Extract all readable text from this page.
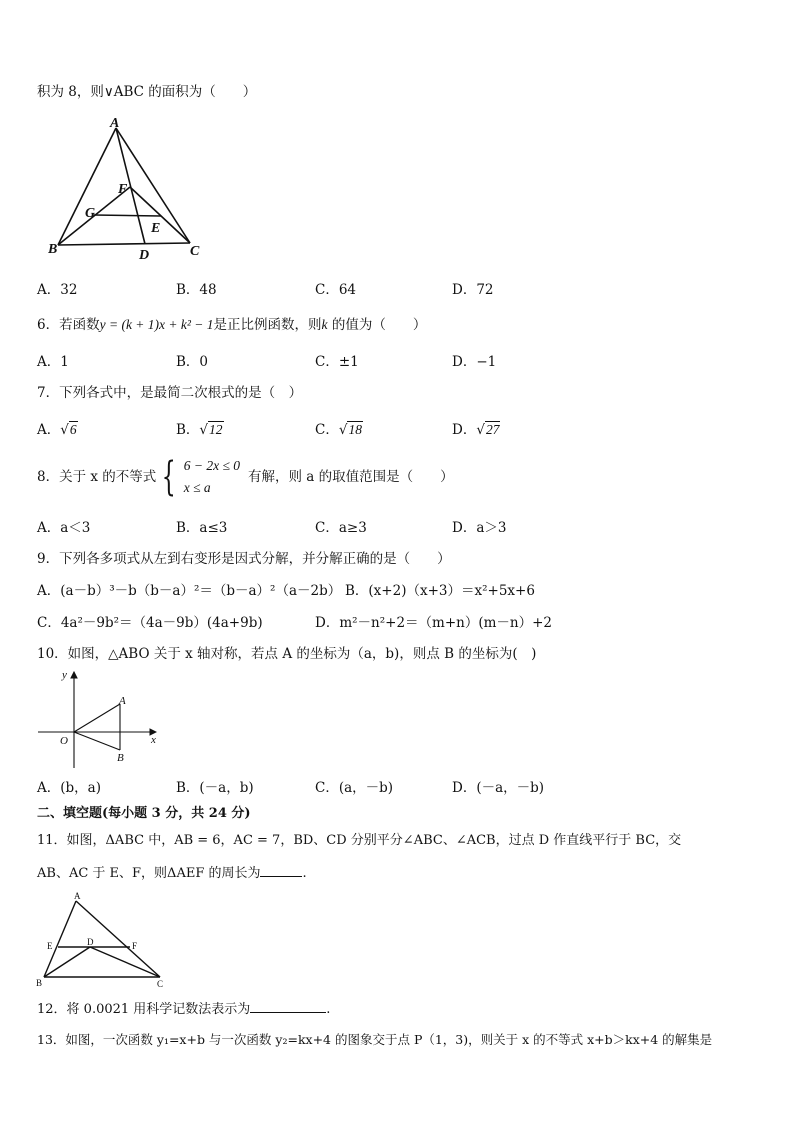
积为 8，则∨ABC 的面积为（　　）
A
B	C
D
E
F
G
A．32	B．48	C．64	D．72
6．若函数y = (k + 1)x + k² − 1是正比例函数，则k 的值为（　　）
A．1	B．0	C．±1	D．−1
7．下列各式中，是最简二次根式的是（　）
A．√6	B．√12	C．√18	D．√27
8．关于 x 的不等式 { 6 − 2x ≤ 0
x ≤ a有解，则 a 的取值范围是（　　）
A．a＜3	B．a≤3	C．a≥3	D．a＞3
9．下列各多项式从左到右变形是因式分解，并分解正确的是（　　）
A．(a－b）³－b（b－a）²＝（b－a）²（a－2b） B．(x+2)（x+3）＝x²+5x+6
C．4a²－9b²＝（4a－9b）(4a+9b)	D．m²－n²+2＝（m+n）(m－n）+2
10．如图，△ABO 关于 x 轴对称，若点 A 的坐标为（a，b)，则点 B 的坐标为(　)
y
x
O
A
B
A．(b，a)	B．(－a，b)	C．(a，－b)	D．(－a，－b)
二、填空题(每小题 3 分，共 24 分)
11．如图，ΔABC 中，AB = 6，AC = 7，BD、CD 分别平分∠ABC、∠ACB，过点 D 作直线平行于 BC，交
AB、AC 于 E、F，则ΔAEF 的周长为	.
A
B	C
D
E	F
12．将 0.0021 用科学记数法表示为	.
13．如图，一次函数 y₁=x+b 与一次函数 y₂=kx+4 的图象交于点 P（1，3)，则关于 x 的不等式 x+b＞kx+4 的解集是
